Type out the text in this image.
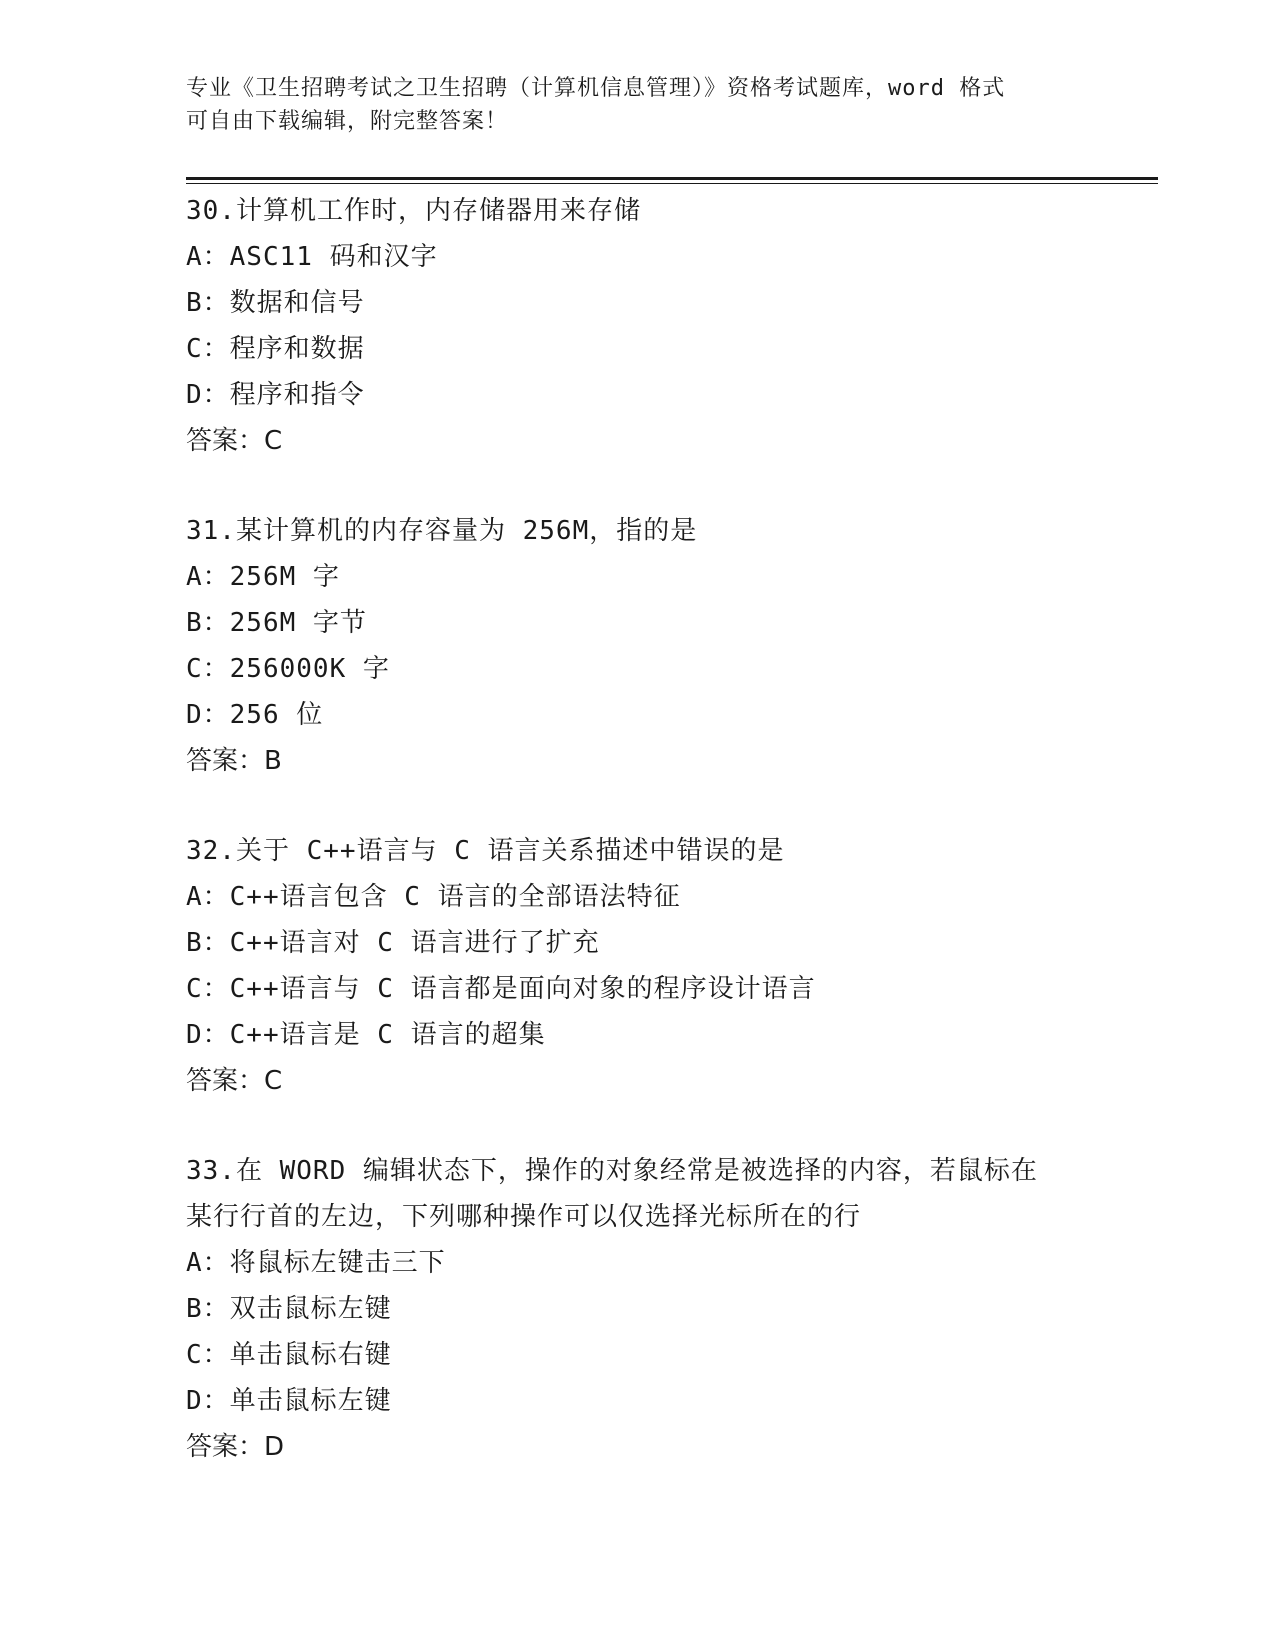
专业《卫生招聘考试之卫生招聘（计算机信息管理）》资格考试题库，word 格式
可自由下载编辑，附完整答案！
30.计算机工作时，内存储器用来存储
A：ASC11 码和汉字
B：数据和信号
C：程序和数据
D：程序和指令
答案：C
31.某计算机的内存容量为 256M，指的是
A：256M 字
B：256M 字节
C：256000K 字
D：256 位
答案：B
32.关于 C++语言与 C 语言关系描述中错误的是
A：C++语言包含 C 语言的全部语法特征
B：C++语言对 C 语言进行了扩充
C：C++语言与 C 语言都是面向对象的程序设计语言
D：C++语言是 C 语言的超集
答案：C
33.在 WORD 编辑状态下，操作的对象经常是被选择的内容，若鼠标在
某行行首的左边，下列哪种操作可以仅选择光标所在的行
A：将鼠标左键击三下
B：双击鼠标左键
C：单击鼠标右键
D：单击鼠标左键
答案：D
